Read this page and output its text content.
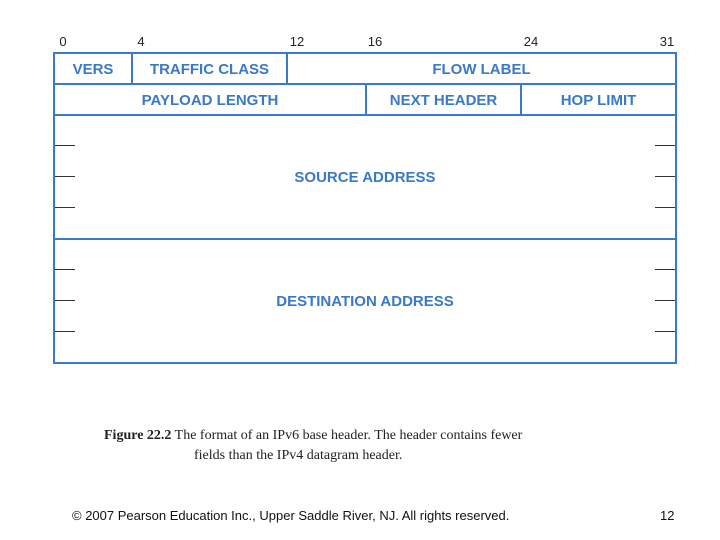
0	4	12	16	24	31
VERS	TRAFFIC CLASS	FLOW LABEL
PAYLOAD LENGTH	NEXT HEADER	HOP LIMIT
SOURCE ADDRESS
DESTINATION ADDRESS
Figure 22.2 The format of an IPv6 base header. The header contains fewer
fields than the IPv4 datagram header.
© 2007 Pearson Education Inc., Upper Saddle River, NJ. All rights reserved.	12
